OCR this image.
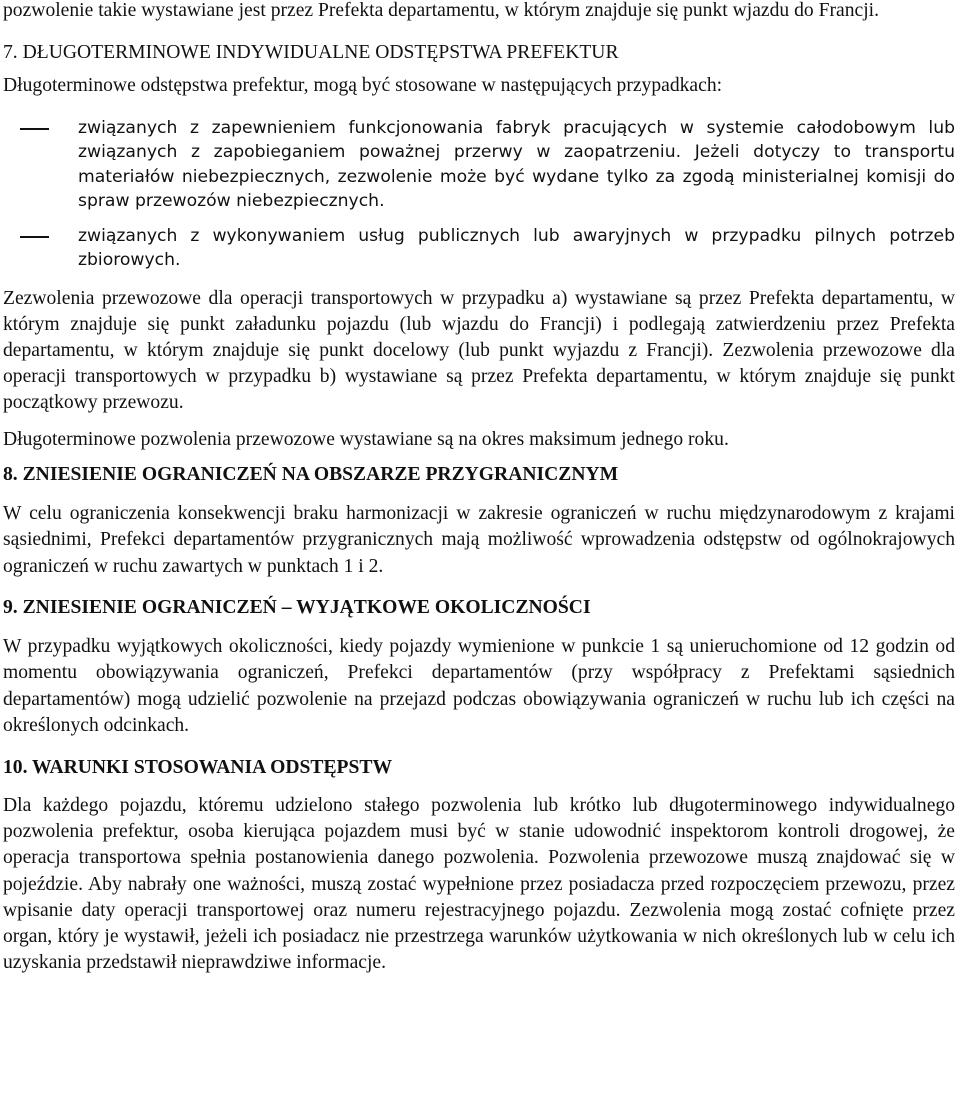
pozwolenie takie wystawiane jest przez Prefekta departamentu, w którym znajduje się punkt wjazdu do Francji.

7. DŁUGOTERMINOWE INDYWIDUALNE ODSTĘPSTWA PREFEKTUR

Długoterminowe odstępstwa prefektur, mogą być stosowane w następujących przypadkach:

związanych z zapewnieniem funkcjonowania fabryk pracujących w systemie całodobowym lub związanych z zapobieganiem poważnej przerwy w zaopatrzeniu. Jeżeli dotyczy to transportu materiałów niebezpiecznych, zezwolenie może być wydane tylko za zgodą ministerialnej komisji do spraw przewozów niebezpiecznych.

związanych z wykonywaniem usług publicznych lub awaryjnych w przypadku pilnych potrzeb zbiorowych.

Zezwolenia przewozowe dla operacji transportowych w przypadku a) wystawiane są przez Prefekta departamentu, w którym znajduje się punkt załadunku pojazdu (lub wjazdu do Francji) i podlegają zatwierdzeniu przez Prefekta departamentu, w którym znajduje się punkt docelowy (lub punkt wyjazdu z Francji). Zezwolenia przewozowe dla operacji transportowych w przypadku b) wystawiane są przez Prefekta departamentu, w którym znajduje się punkt początkowy przewozu.

Długoterminowe pozwolenia przewozowe wystawiane są na okres maksimum jednego roku.

8. ZNIESIENIE OGRANICZEŃ NA OBSZARZE PRZYGRANICZNYM

W celu ograniczenia konsekwencji braku harmonizacji w zakresie ograniczeń w ruchu międzynarodowym z krajami sąsiednimi, Prefekci departamentów przygranicznych mają możliwość wprowadzenia odstępstw od ogólnokrajowych ograniczeń w ruchu zawartych w punktach 1 i 2.

9. ZNIESIENIE OGRANICZEŃ – WYJĄTKOWE OKOLICZNOŚCI

W przypadku wyjątkowych okoliczności, kiedy pojazdy wymienione w punkcie 1 są unieruchomione od 12 godzin od momentu obowiązywania ograniczeń, Prefekci departamentów (przy współpracy z Prefektami sąsiednich departamentów) mogą udzielić pozwolenie na przejazd podczas obowiązywania ograniczeń w ruchu lub ich części na określonych odcinkach.

10. WARUNKI STOSOWANIA ODSTĘPSTW

Dla każdego pojazdu, któremu udzielono stałego pozwolenia lub krótko lub długoterminowego indywidualnego pozwolenia prefektur, osoba kierująca pojazdem musi być w stanie udowodnić inspektorom kontroli drogowej, że operacja transportowa spełnia postanowienia danego pozwolenia. Pozwolenia przewozowe muszą znajdować się w pojeździe. Aby nabrały one ważności, muszą zostać wypełnione przez posiadacza przed rozpoczęciem przewozu, przez wpisanie daty operacji transportowej oraz numeru rejestracyjnego pojazdu. Zezwolenia mogą zostać cofnięte przez organ, który je wystawił, jeżeli ich posiadacz nie przestrzega warunków użytkowania w nich określonych lub w celu ich uzyskania przedstawił nieprawdziwe informacje.
